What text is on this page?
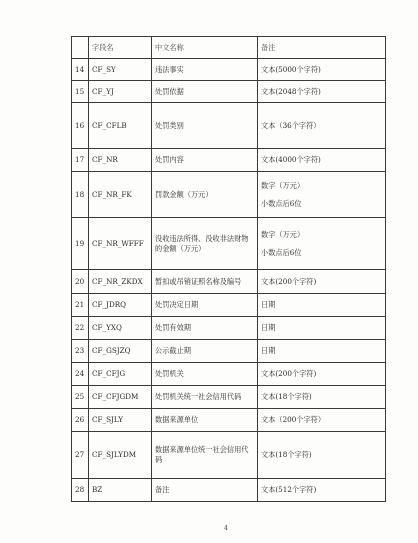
	字段名	中文名称	备注
14	CF_SY	违法事实	文本(5000个字符)
15	CF_YJ	处罚依据	文本(2048个字符)
16	CF_CFLB	处罚类别	文本（36个字符）
17	CF_NR	处罚内容	文本(4000个字符)
18	CF_NR_FK	罚款金额（万元）	数字（万元）
小数点后6位

19	CF_NR_WFFF	没收违法所得、没收非法财物的金额（万元）	数字（万元）
小数点后6位

20	CF_NR_ZKDX	暂扣或吊销证照名称及编号	文本(200个字符)
21	CF_JDRQ	处罚决定日期	日期
22	CF_YXQ	处罚有效期	日期
23	CF_GSJZQ	公示截止期	日期
24	CF_CFJG	处罚机关	文本(200个字符)
25	CF_CFJGDM	处罚机关统一社会信用代码	文本(18个字符)
26	CF_SJLY	数据来源单位	文本（200个字符）
27	CF_SJLYDM	数据来源单位统一社会信用代码	文本(18个字符)
28	BZ	备注	文本(512个字符)
4
